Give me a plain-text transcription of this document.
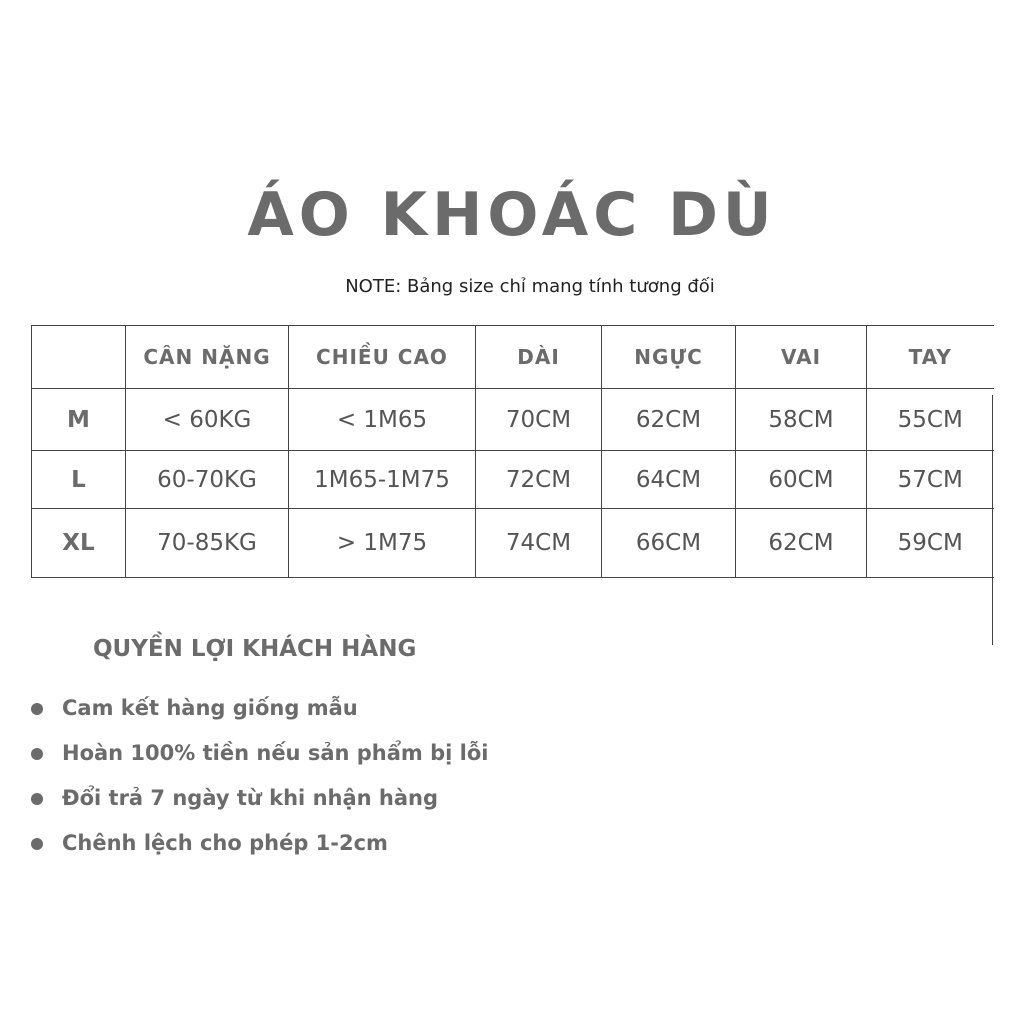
ÁO KHOÁC DÙ
NOTE: Bảng size chỉ mang tính tương đối
	CÂN NẶNG	CHIỀU CAO	DÀI	NGỰC	VAI	TAY
M	< 60KG	< 1M65	70CM	62CM	58CM	55CM
L	60-70KG	1M65-1M75	72CM	64CM	60CM	57CM
XL	70-85KG	> 1M75	74CM	66CM	62CM	59CM
QUYỀN LỢI KHÁCH HÀNG
Cam kết hàng giống mẫu
Hoàn 100% tiền nếu sản phẩm bị lỗi
Đổi trả 7 ngày từ khi nhận hàng
Chênh lệch cho phép 1-2cm
